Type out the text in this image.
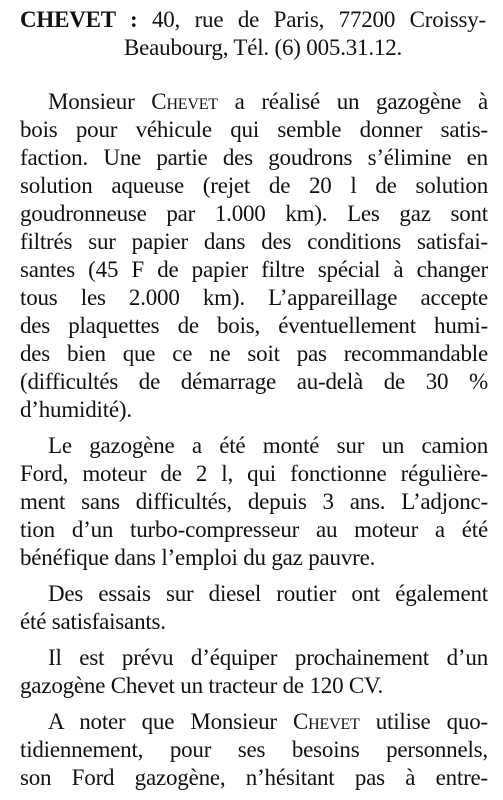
CHEVET : 40, rue de Paris, 77200 Croissy-
Beaubourg, Tél. (6) 005.31.12.
Monsieur Chevet a réalisé un gazogène à
bois pour véhicule qui semble donner satis-
faction. Une partie des goudrons s’élimine en
solution aqueuse (rejet de 20 l de solution
goudronneuse par 1.000 km). Les gaz sont
filtrés sur papier dans des conditions satisfai-
santes (45 F de papier filtre spécial à changer
tous les 2.000 km). L’appareillage accepte
des plaquettes de bois, éventuellement humi-
des bien que ce ne soit pas recommandable
(difficultés de démarrage au-delà de 30 %
d’humidité).
Le gazogène a été monté sur un camion
Ford, moteur de 2 l, qui fonctionne régulière-
ment sans difficultés, depuis 3 ans. L’adjonc-
tion d’un turbo-compresseur au moteur a été
bénéfique dans l’emploi du gaz pauvre.
Des essais sur diesel routier ont également
été satisfaisants.
Il est prévu d’équiper prochainement d’un
gazogène Chevet un tracteur de 120 CV.
A noter que Monsieur Chevet utilise quo-
tidiennement, pour ses besoins personnels,
son Ford gazogène, n’hésitant pas à entre-
